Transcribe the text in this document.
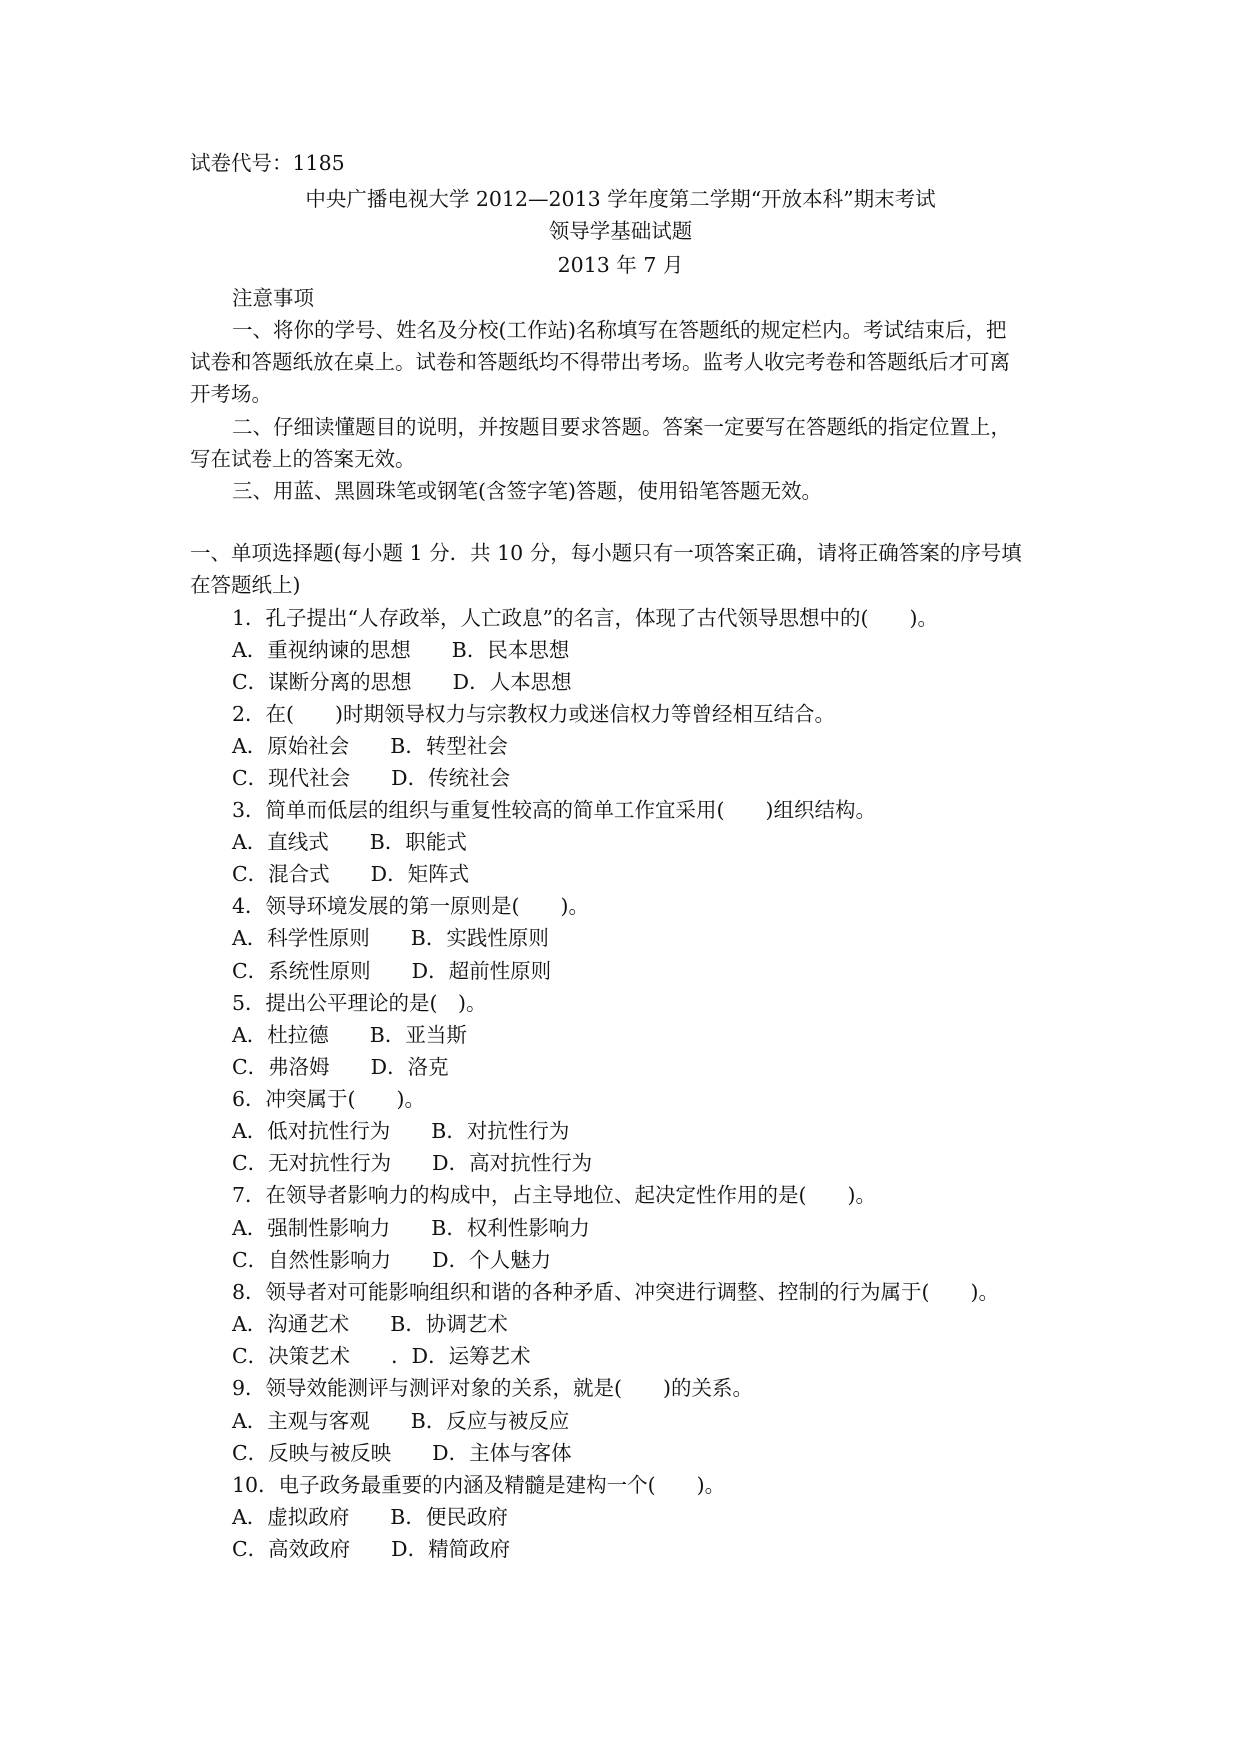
试卷代号：1185
中央广播电视大学 2012—2013 学年度第二学期“开放本科”期末考试
领导学基础试题
2013 年 7 月
注意事项
一、将你的学号、姓名及分校(工作站)名称填写在答题纸的规定栏内。考试结束后，把
试卷和答题纸放在桌上。试卷和答题纸均不得带出考场。监考人收完考卷和答题纸后才可离
开考场。
二、仔细读懂题目的说明，并按题目要求答题。答案一定要写在答题纸的指定位置上，
写在试卷上的答案无效。
三、用蓝、黑圆珠笔或钢笔(含签字笔)答题，使用铅笔答题无效。
一、单项选择题(每小题 1 分．共 10 分，每小题只有一项答案正确，请将正确答案的序号填
在答题纸上)
1．孔子提出“人存政举，人亡政息”的名言，体现了古代领导思想中的(　　)。
A．重视纳谏的思想　　B．民本思想
C．谋断分离的思想　　D．人本思想
2．在(　　)时期领导权力与宗教权力或迷信权力等曾经相互结合。
A．原始社会　　B．转型社会
C．现代社会　　D．传统社会
3．简单而低层的组织与重复性较高的简单工作宜采用(　　)组织结构。
A．直线式　　B．职能式
C．混合式　　D．矩阵式
4．领导环境发展的第一原则是(　　)。
A．科学性原则　　B．实践性原则
C．系统性原则　　D．超前性原则
5．提出公平理论的是(　)。
A．杜拉德　　B．亚当斯
C．弗洛姆　　D．洛克
6．冲突属于(　　)。
A．低对抗性行为　　B．对抗性行为
C．无对抗性行为　　D．高对抗性行为
7．在领导者影响力的构成中，占主导地位、起决定性作用的是(　　)。
A．强制性影响力　　B．权利性影响力
C．自然性影响力　　D．个人魅力
8．领导者对可能影响组织和谐的各种矛盾、冲突进行调整、控制的行为属于(　　)。
A．沟通艺术　　B．协调艺术
C．决策艺术　　．D．运筹艺术
9．领导效能测评与测评对象的关系，就是(　　)的关系。
A．主观与客观　　B．反应与被反应
C．反映与被反映　　D．主体与客体
10．电子政务最重要的内涵及精髓是建构一个(　　)。
A．虚拟政府　　B．便民政府
C．高效政府　　D．精简政府
